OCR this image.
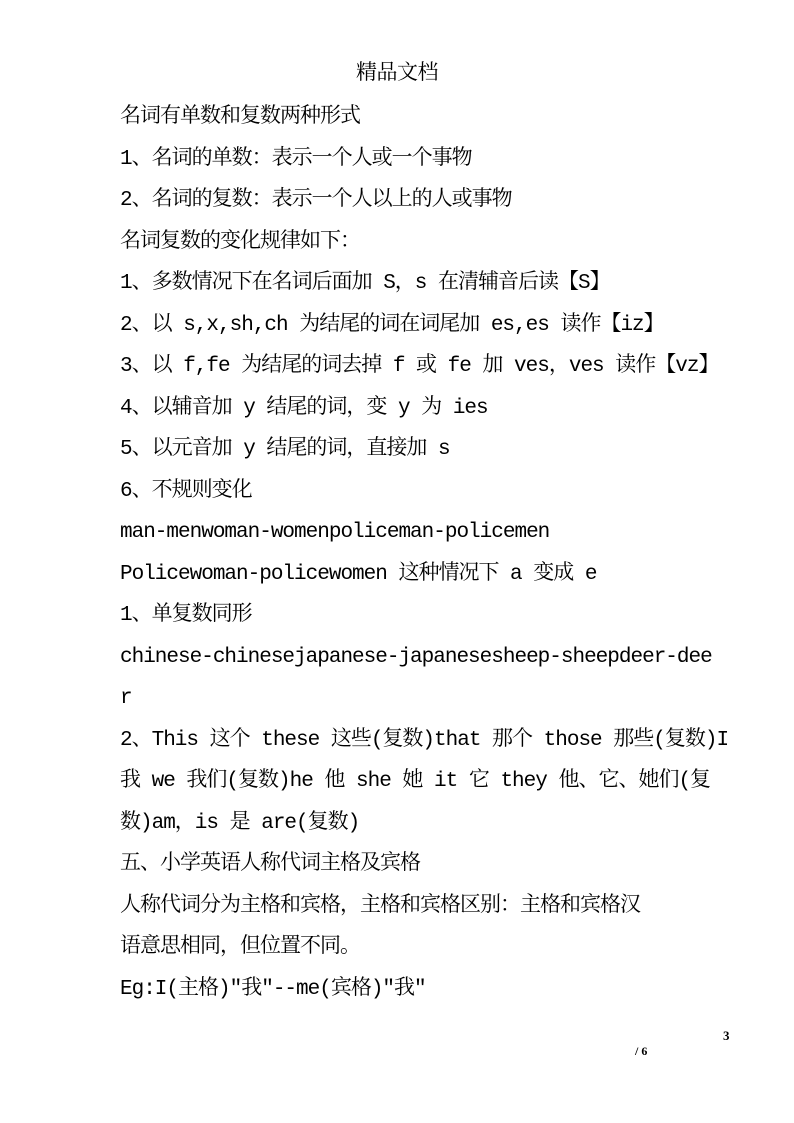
精品文档
名词有单数和复数两种形式
1、名词的单数：表示一个人或一个事物
2、名词的复数：表示一个人以上的人或事物
名词复数的变化规律如下：
1、多数情况下在名词后面加 S，s 在清辅音后读【S】
2、以 s,x,sh,ch 为结尾的词在词尾加 es,es 读作【iz】
3、以 f,fe 为结尾的词去掉 f 或 fe 加 ves，ves 读作【vz】
4、以辅音加 y 结尾的词，变 y 为 ies
5、以元音加 y 结尾的词，直接加 s
6、不规则变化
man-menwoman-womenpoliceman-policemen
Policewoman-policewomen 这种情况下 a 变成 e
1、单复数同形
chinese-chinesejapanese-japanesesheep-sheepdeer-dee
r
2、This 这个 these 这些(复数)that 那个 those 那些(复数)I
我 we 我们(复数)he 他 she 她 it 它 they 他、它、她们(复
数)am，is 是 are(复数)
五、小学英语人称代词主格及宾格
人称代词分为主格和宾格，主格和宾格区别：主格和宾格汉
语意思相同，但位置不同。
Eg:I(主格)"我"--me(宾格)"我"
3
/ 6
